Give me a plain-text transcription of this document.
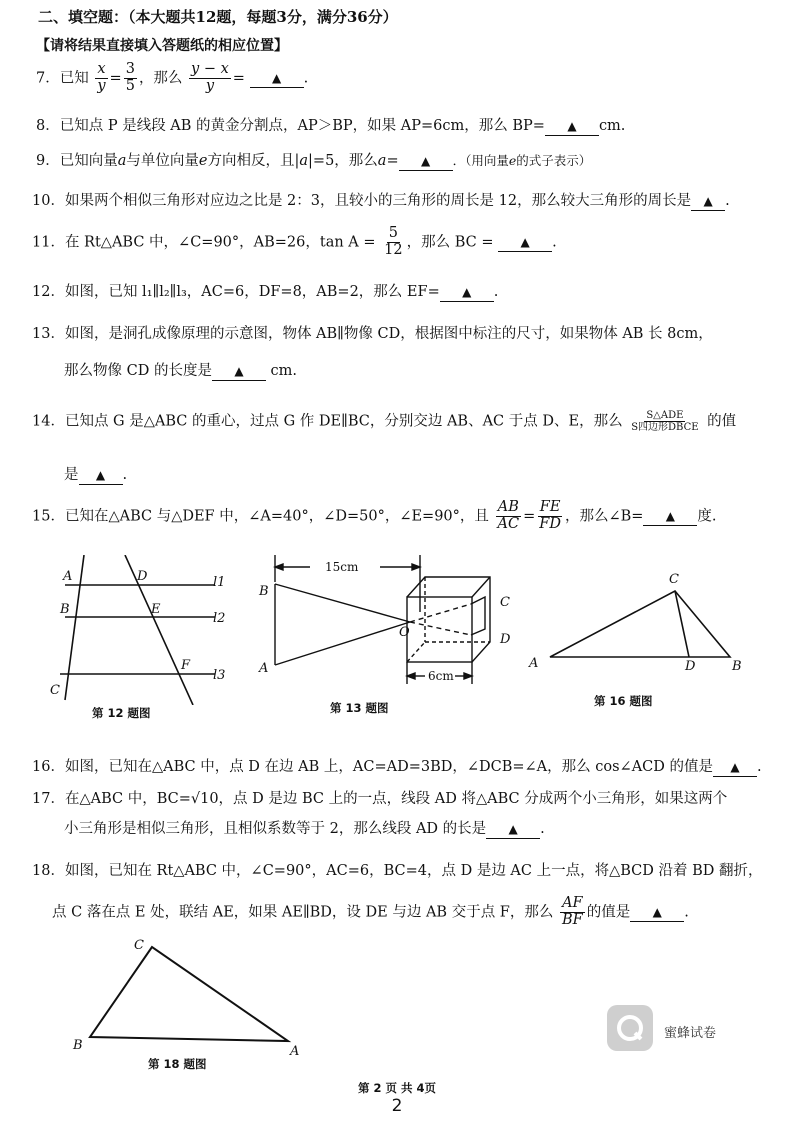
二、填空题：（本大题共12题，每题3分，满分36分）
【请将结果直接填入答题纸的相应位置】
7．已知 $\frac{x}{y} = \frac{3}{5}$ ，那么 $\frac{y - x}{y}$ = ▲ .
8．已知点 P 是线段 AB 的黄金分割点，AP＞BP，如果 AP=6cm，那么 BP= ▲ cm.
9．已知向量a与单位向量e方向相反，且|a|=5，那么a= ▲ ．（用向量e的式子表示）
10．如果两个相似三角形对应边之比是 2：3，且较小的三角形的周长是 12，那么较大三角形的周长是 ▲ .
11．在 Rt△ABC 中，∠C=90°，AB=26，$\tan A = \frac{5}{12}$ ，那么 BC = ▲ .
12．如图，已知 l₁∥l₂∥l₃，AC=6，DF=8，AB=2，那么 EF= ▲ .
13．如图，是洞孔成像原理的示意图，物体 AB∥物像 CD，根据图中标注的尺寸，如果物体 AB 长 8cm，
那么物像 CD 的长度是 ▲ cm.
14．已知点 G 是△ABC 的重心，过点 G 作 DE∥BC，分别交边 AB、AC 于点 D、E，那么 $\frac{\text{S△ADE}}{\text{S四边形DBCE}}$ 的值
是 ▲ .
15．已知在△ABC 与△DEF 中，∠A=40°，∠D=50°，∠E=90°，且 $\frac{AB}{AC} = \frac{FE}{FD}$ ，那么∠B= ▲ 度.
A	D
B	E
C
F
l1
l2
l3
第 12 题图
15cm
6cm
B
A
O
C
D
第 13 题图
C
A	D	B
第 16 题图
16．如图，已知在△ABC 中，点 D 在边 AB 上，AC=AD=3BD，∠DCB=∠A，那么 cos∠ACD 的值是 ▲ .
17．在△ABC 中，BC=√10，点 D 是边 BC 上的一点，线段 AD 将△ABC 分成两个小三角形，如果这两个
小三角形是相似三角形，且相似系数等于 2，那么线段 AD 的长是 ▲ .
18．如图，已知在 Rt△ABC 中，∠C=90°，AC=6，BC=4，点 D 是边 AC 上一点，将△BCD 沿着 BD 翻折，
点 C 落在点 E 处，联结 AE，如果 AE∥BD，设 DE 与边 AB 交于点 F，那么 $\frac{AF}{BF}$ 的值是 ▲ .
C
B	A
第 18 题图
蜜蜂试卷
第 2 页 共 4页
2
